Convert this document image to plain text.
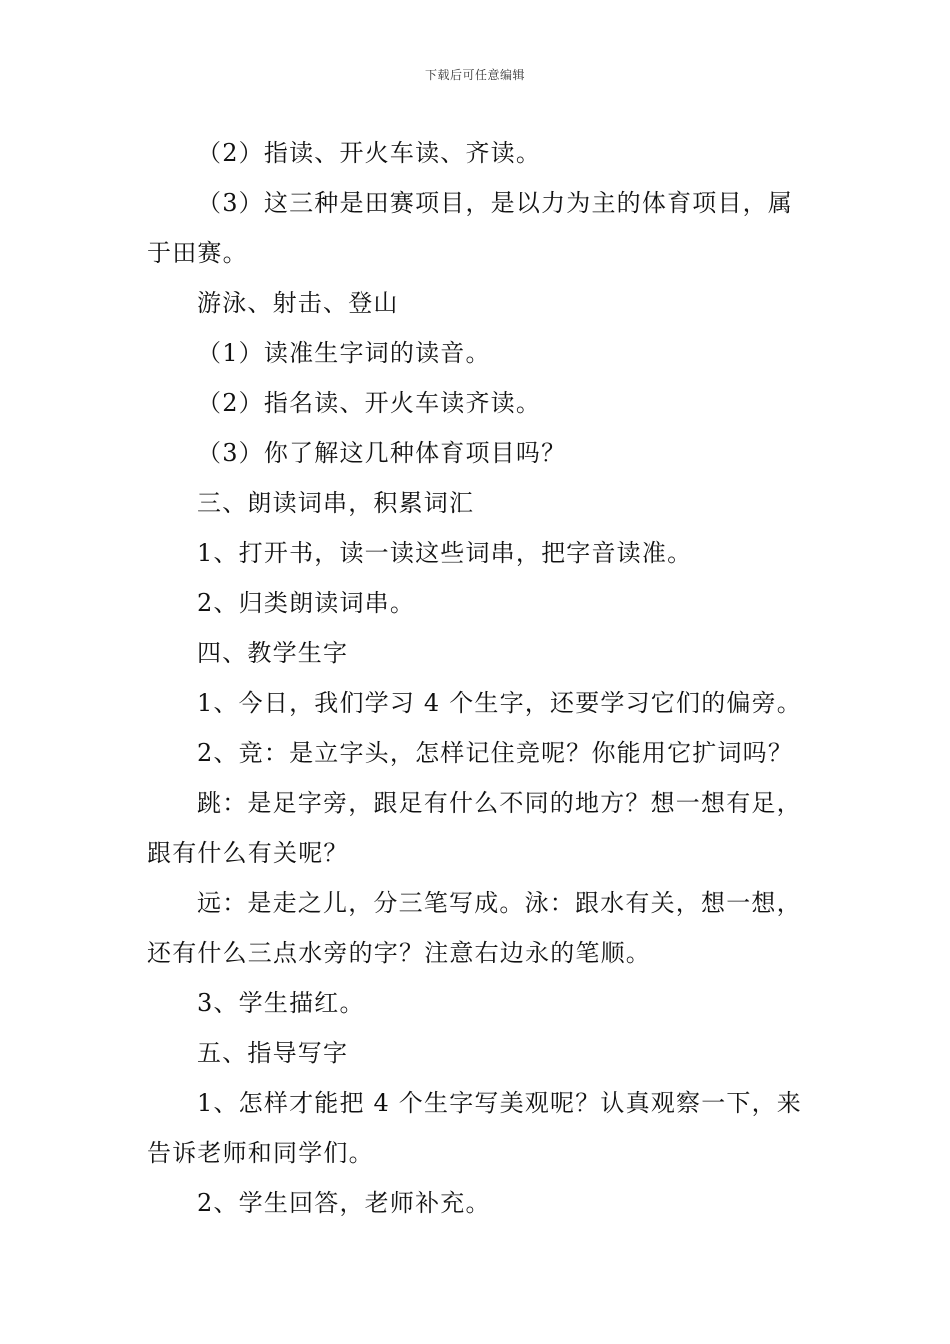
下载后可任意编辑

（2）指读、开火车读、齐读。

（3）这三种是田赛项目，是以力为主的体育项目，属于田赛。

游泳、射击、登山

（1）读准生字词的读音。

（2）指名读、开火车读齐读。

（3）你了解这几种体育项目吗？

三、朗读词串，积累词汇

1、打开书，读一读这些词串，把字音读准。

2、归类朗读词串。

四、教学生字

1、今日，我们学习 4 个生字，还要学习它们的偏旁。

2、竞：是立字头，怎样记住竞呢？你能用它扩词吗？

跳：是足字旁，跟足有什么不同的地方？想一想有足，跟有什么有关呢？

远：是走之儿，分三笔写成。泳：跟水有关，想一想，还有什么三点水旁的字？注意右边永的笔顺。

3、学生描红。

五、指导写字

1、怎样才能把 4 个生字写美观呢？认真观察一下，来告诉老师和同学们。

2、学生回答，老师补充。
